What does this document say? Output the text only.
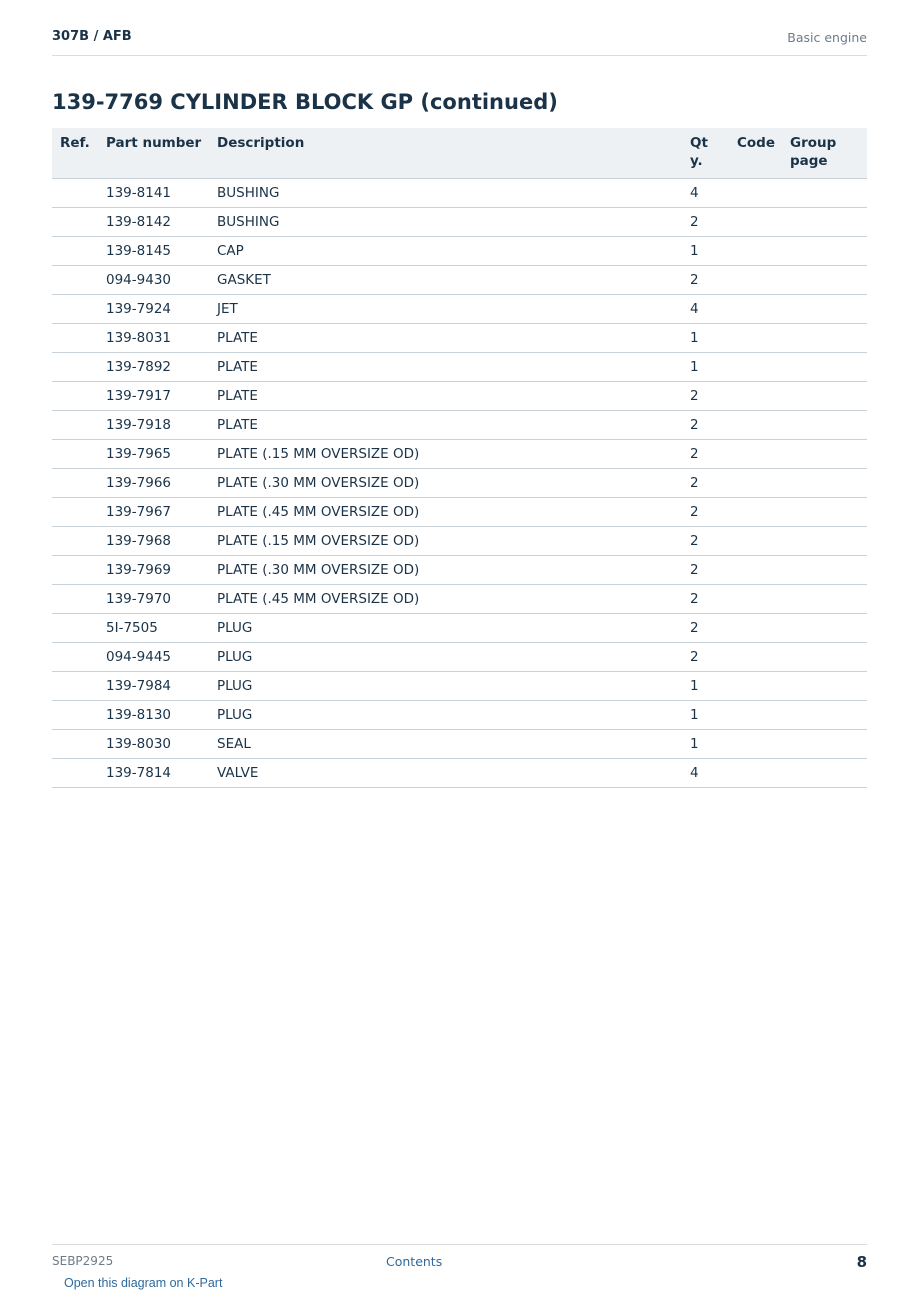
307B / AFB	Basic engine
139-7769 CYLINDER BLOCK GP (continued)
Ref.	Part number	Description	Qty.	Code	Group page
	139-8141	BUSHING	4		
	139-8142	BUSHING	2		
	139-8145	CAP	1		
	094-9430	GASKET	2		
	139-7924	JET	4		
	139-8031	PLATE	1		
	139-7892	PLATE	1		
	139-7917	PLATE	2		
	139-7918	PLATE	2		
	139-7965	PLATE (.15 MM OVERSIZE OD)	2		
	139-7966	PLATE (.30 MM OVERSIZE OD)	2		
	139-7967	PLATE (.45 MM OVERSIZE OD)	2		
	139-7968	PLATE (.15 MM OVERSIZE OD)	2		
	139-7969	PLATE (.30 MM OVERSIZE OD)	2		
	139-7970	PLATE (.45 MM OVERSIZE OD)	2		
	5I-7505	PLUG	2		
	094-9445	PLUG	2		
	139-7984	PLUG	1		
	139-8130	PLUG	1		
	139-8030	SEAL	1		
	139-7814	VALVE	4		
SEBP2925	Contents	8
Open this diagram on K-Part
